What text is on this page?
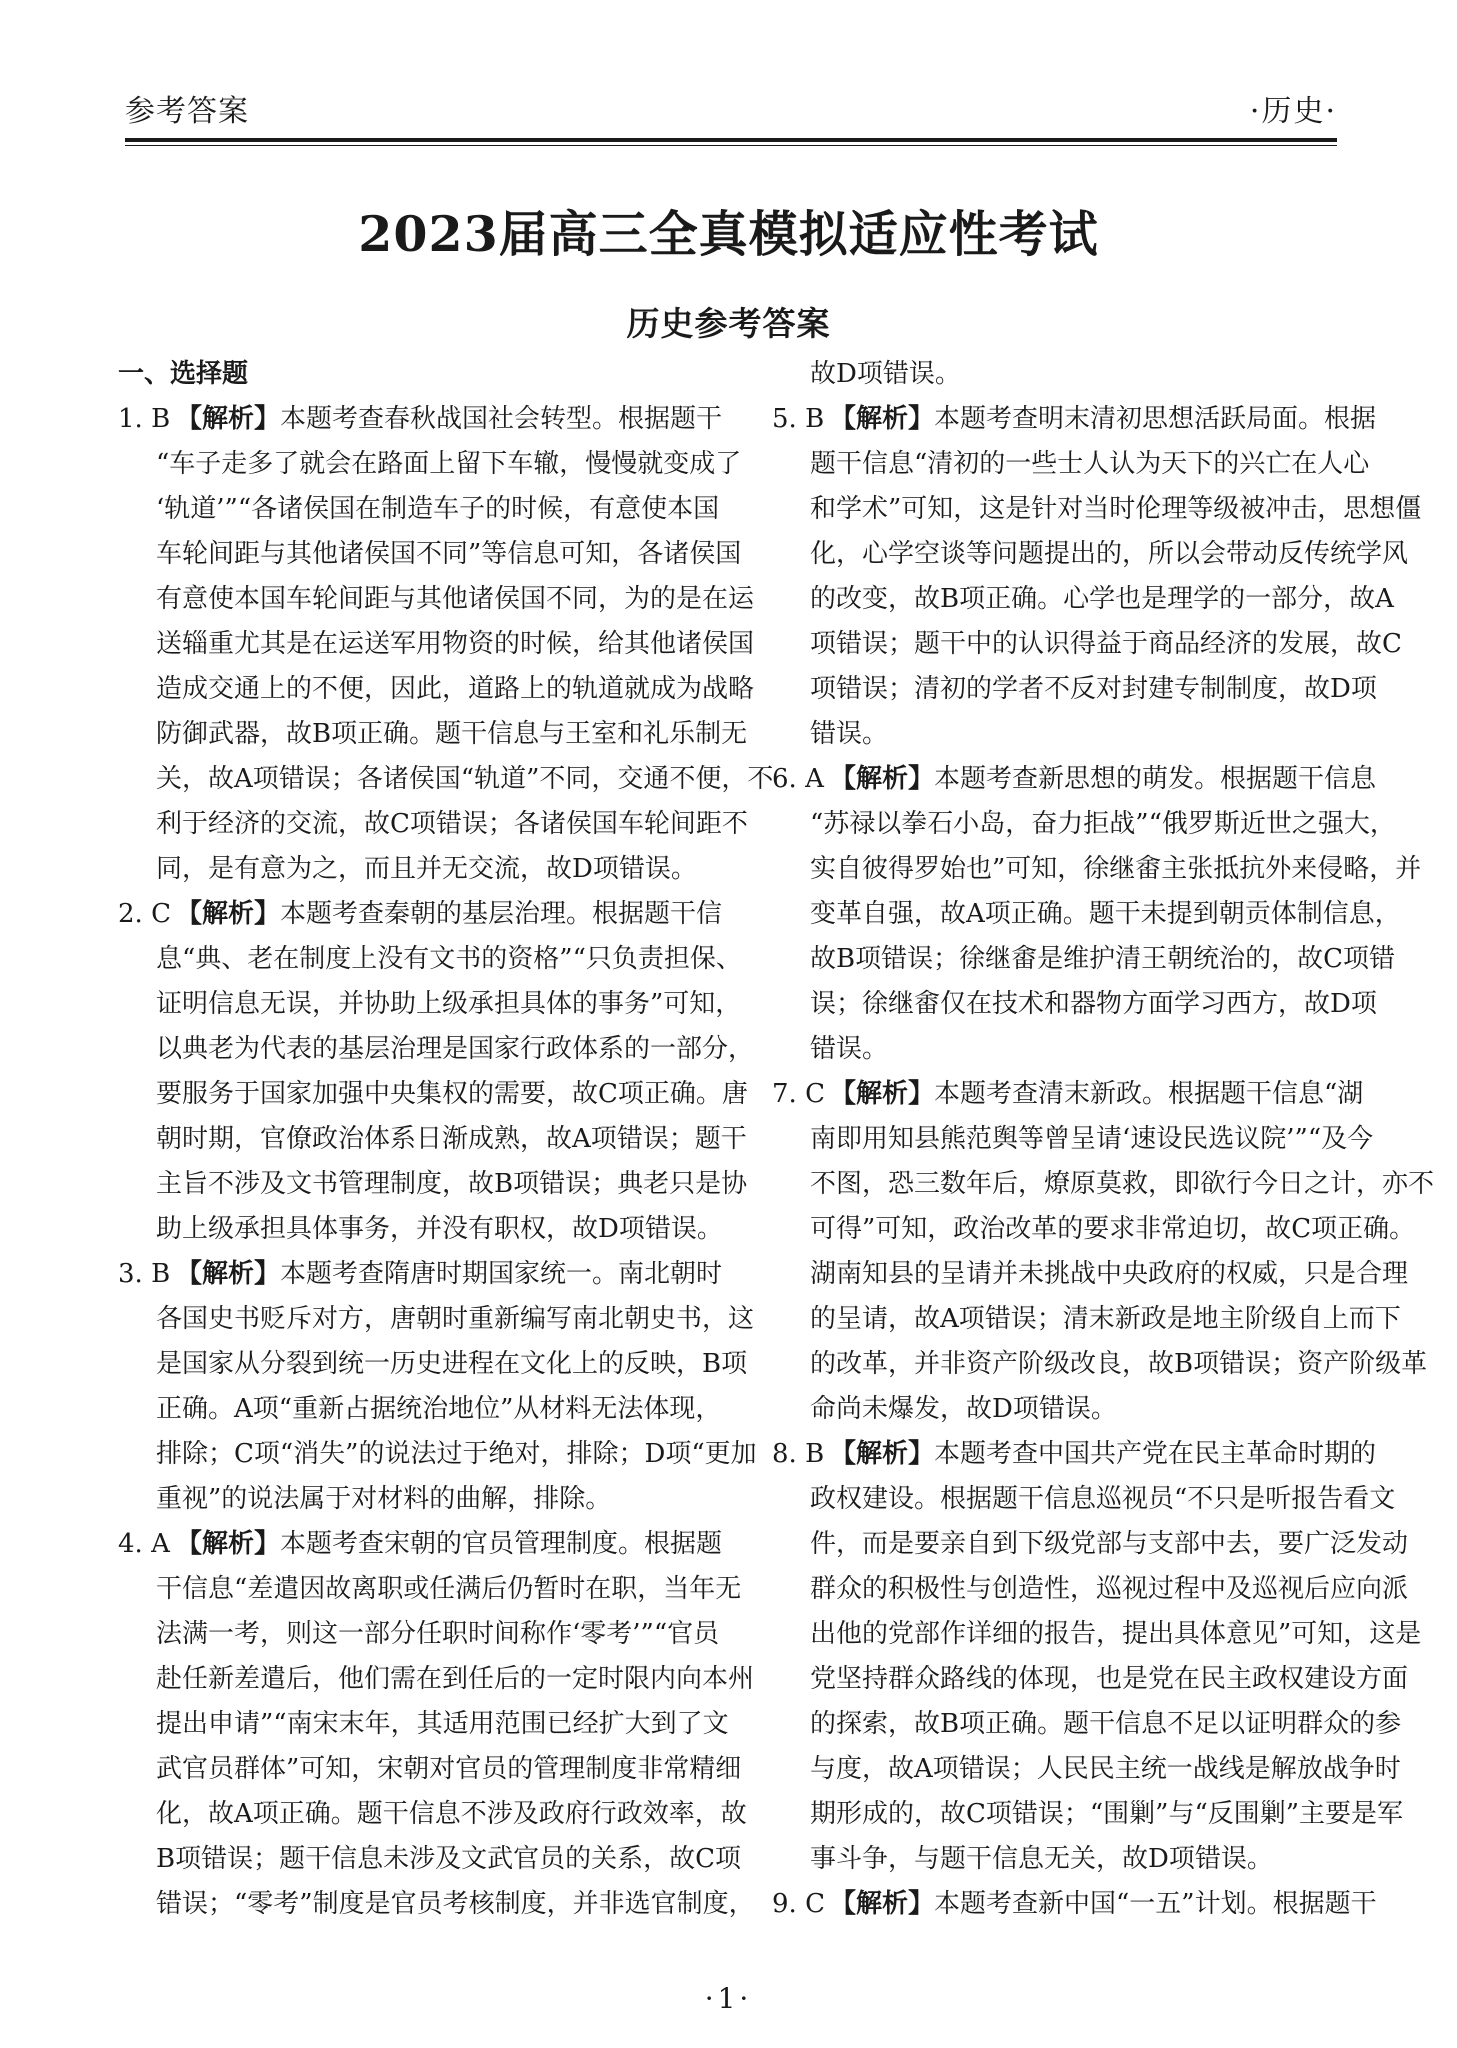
参考答案	·历史·
2023届高三全真模拟适应性考试
历史参考答案

一、选择题

1. B 【解析】本题考查春秋战国社会转型。根据题干

“车子走多了就会在路面上留下车辙，慢慢就变成了

‘轨道’”“各诸侯国在制造车子的时候，有意使本国

车轮间距与其他诸侯国不同”等信息可知，各诸侯国

有意使本国车轮间距与其他诸侯国不同，为的是在运

送辎重尤其是在运送军用物资的时候，给其他诸侯国

造成交通上的不便，因此，道路上的轨道就成为战略

防御武器，故B项正确。题干信息与王室和礼乐制无

关，故A项错误；各诸侯国“轨道”不同，交通不便，不

利于经济的交流，故C项错误；各诸侯国车轮间距不

同，是有意为之，而且并无交流，故D项错误。

2. C 【解析】本题考查秦朝的基层治理。根据题干信

息“典、老在制度上没有文书的资格”“只负责担保、

证明信息无误，并协助上级承担具体的事务”可知，

以典老为代表的基层治理是国家行政体系的一部分，

要服务于国家加强中央集权的需要，故C项正确。唐

朝时期，官僚政治体系日渐成熟，故A项错误；题干

主旨不涉及文书管理制度，故B项错误；典老只是协

助上级承担具体事务，并没有职权，故D项错误。

3. B 【解析】本题考查隋唐时期国家统一。南北朝时

各国史书贬斥对方，唐朝时重新编写南北朝史书，这

是国家从分裂到统一历史进程在文化上的反映，B项

正确。A项“重新占据统治地位”从材料无法体现，

排除；C项“消失”的说法过于绝对，排除；D项“更加

重视”的说法属于对材料的曲解，排除。

4. A 【解析】本题考查宋朝的官员管理制度。根据题

干信息“差遣因故离职或任满后仍暂时在职，当年无

法满一考，则这一部分任职时间称作‘零考’”“官员

赴任新差遣后，他们需在到任后的一定时限内向本州

提出申请”“南宋末年，其适用范围已经扩大到了文

武官员群体”可知，宋朝对官员的管理制度非常精细

化，故A项正确。题干信息不涉及政府行政效率，故

B项错误；题干信息未涉及文武官员的关系，故C项

错误；“零考”制度是官员考核制度，并非选官制度，

故D项错误。

5. B 【解析】本题考查明末清初思想活跃局面。根据

题干信息“清初的一些士人认为天下的兴亡在人心

和学术”可知，这是针对当时伦理等级被冲击，思想僵

化，心学空谈等问题提出的，所以会带动反传统学风

的改变，故B项正确。心学也是理学的一部分，故A

项错误；题干中的认识得益于商品经济的发展，故C

项错误；清初的学者不反对封建专制制度，故D项

错误。

6. A 【解析】本题考查新思想的萌发。根据题干信息

“苏禄以拳石小岛，奋力拒战”“俄罗斯近世之强大，

实自彼得罗始也”可知，徐继畬主张抵抗外来侵略，并

变革自强，故A项正确。题干未提到朝贡体制信息，

故B项错误；徐继畬是维护清王朝统治的，故C项错

误；徐继畬仅在技术和器物方面学习西方，故D项

错误。

7. C 【解析】本题考查清末新政。根据题干信息“湖

南即用知县熊范舆等曾呈请‘速设民选议院’”“及今

不图，恐三数年后，燎原莫救，即欲行今日之计，亦不

可得”可知，政治改革的要求非常迫切，故C项正确。

湖南知县的呈请并未挑战中央政府的权威，只是合理

的呈请，故A项错误；清末新政是地主阶级自上而下

的改革，并非资产阶级改良，故B项错误；资产阶级革

命尚未爆发，故D项错误。

8. B 【解析】本题考查中国共产党在民主革命时期的

政权建设。根据题干信息巡视员“不只是听报告看文

件，而是要亲自到下级党部与支部中去，要广泛发动

群众的积极性与创造性，巡视过程中及巡视后应向派

出他的党部作详细的报告，提出具体意见”可知，这是

党坚持群众路线的体现，也是党在民主政权建设方面

的探索，故B项正确。题干信息不足以证明群众的参

与度，故A项错误；人民民主统一战线是解放战争时

期形成的，故C项错误；“围剿”与“反围剿”主要是军

事斗争，与题干信息无关，故D项错误。

9. C 【解析】本题考查新中国“一五”计划。根据题干

·1·
